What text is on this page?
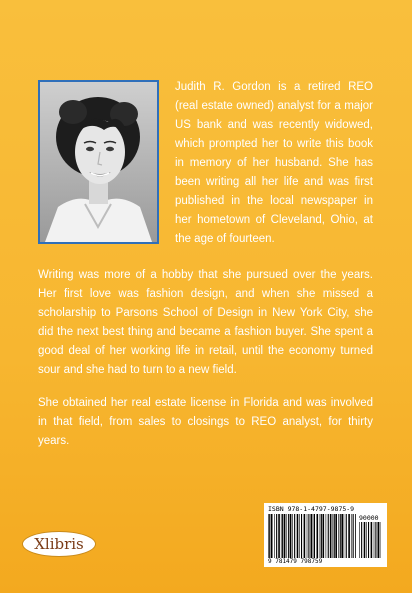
Judith R. Gordon is a retired REO (real estate owned) analyst for a major US bank and was recently widowed, which prompted her to write this book in memory of her husband. She has been writing all her life and was first published in the local newspaper in her hometown of Cleveland, Ohio, at the age of fourteen.

Writing was more of a hobby that she pursued over the years. Her first love was fashion design, and when she missed a scholarship to Parsons School of Design in New York City, she did the next best thing and became a fashion buyer. She spent a good deal of her working life in retail, until the economy turned sour and she had to turn to a new field.

She obtained her real estate license in Florida and was involved in that field, from sales to closings to REO analyst, for thirty years.

Xlibris
ISBN 978-1-4797-9875-9
90000
9 781479 798759
